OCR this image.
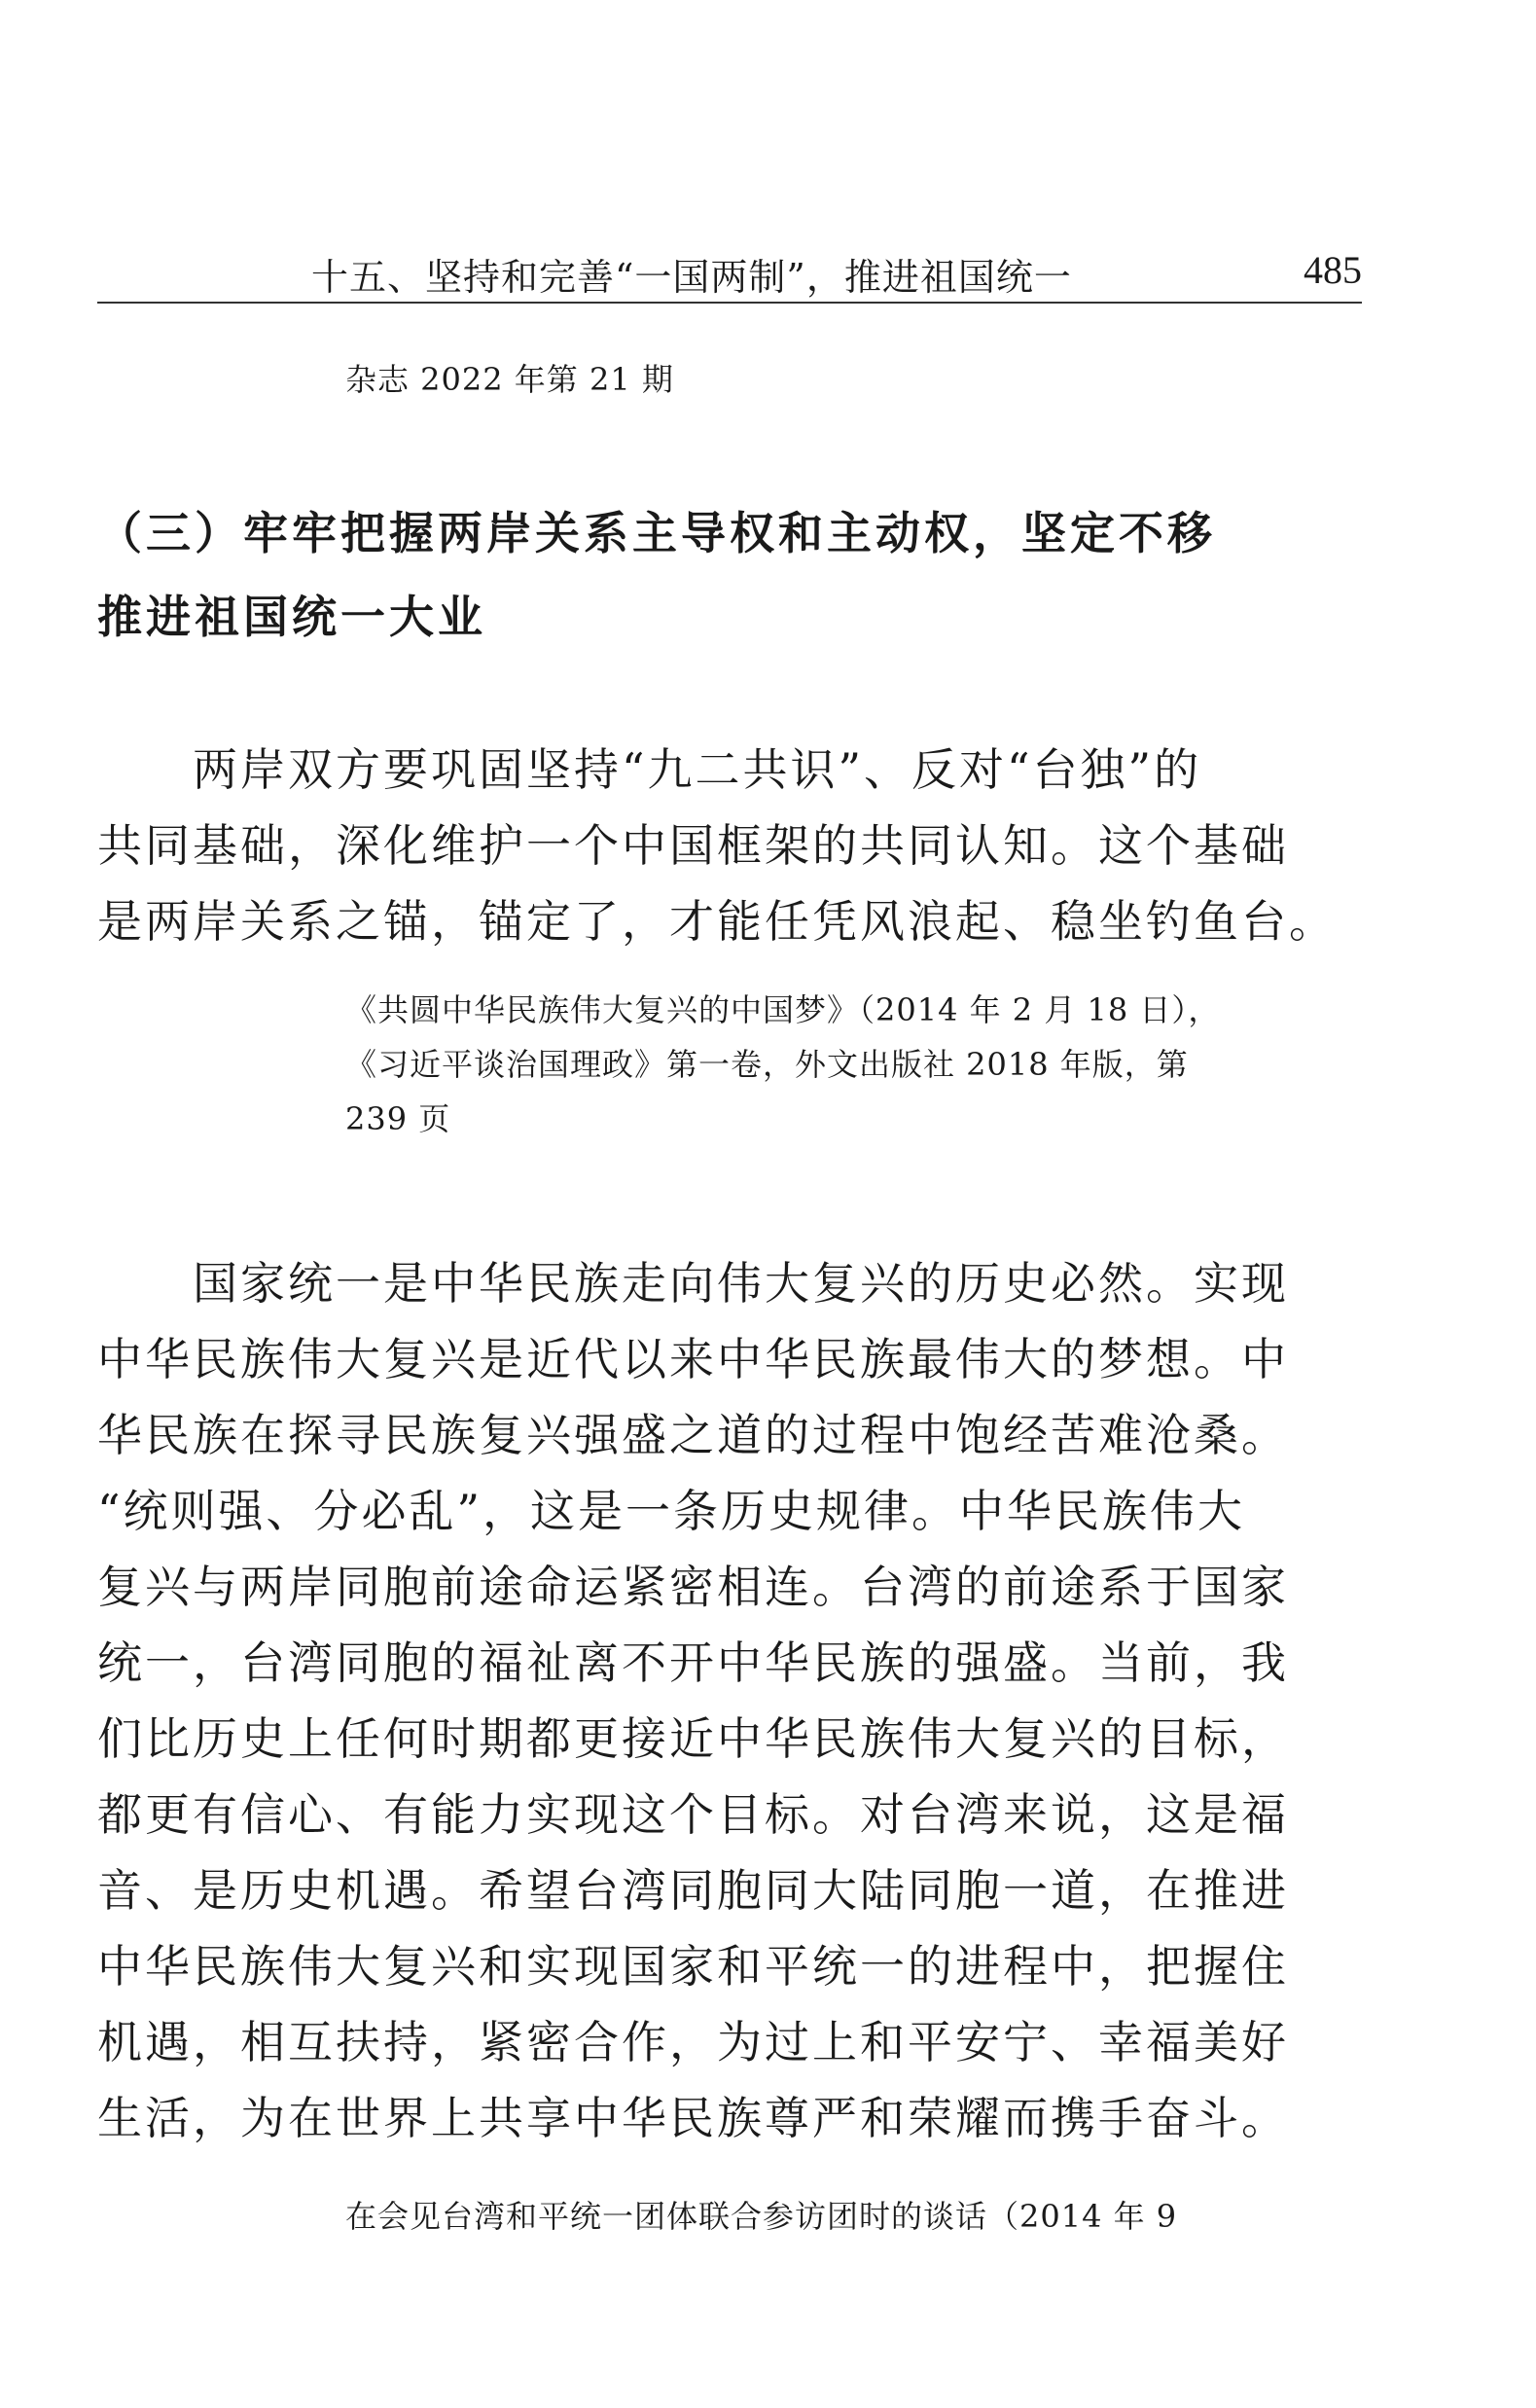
十五、坚持和完善“一国两制”，推进祖国统一	485
杂志 2022 年第 21 期
（三）牢牢把握两岸关系主导权和主动权，坚定不移
推进祖国统一大业
两岸双方要巩固坚持“九二共识”、反对“台独”的
共同基础，深化维护一个中国框架的共同认知。这个基础
是两岸关系之锚，锚定了，才能任凭风浪起、稳坐钓鱼台。
《共圆中华民族伟大复兴的中国梦》（2014 年 2 月 18 日），
《习近平谈治国理政》第一卷，外文出版社 2018 年版，第
239 页
国家统一是中华民族走向伟大复兴的历史必然。实现
中华民族伟大复兴是近代以来中华民族最伟大的梦想。中
华民族在探寻民族复兴强盛之道的过程中饱经苦难沧桑。
“统则强、分必乱”，这是一条历史规律。中华民族伟大
复兴与两岸同胞前途命运紧密相连。台湾的前途系于国家
统一，台湾同胞的福祉离不开中华民族的强盛。当前，我
们比历史上任何时期都更接近中华民族伟大复兴的目标，
都更有信心、有能力实现这个目标。对台湾来说，这是福
音、是历史机遇。希望台湾同胞同大陆同胞一道，在推进
中华民族伟大复兴和实现国家和平统一的进程中，把握住
机遇，相互扶持，紧密合作，为过上和平安宁、幸福美好
生活，为在世界上共享中华民族尊严和荣耀而携手奋斗。
在会见台湾和平统一团体联合参访团时的谈话（2014 年 9
